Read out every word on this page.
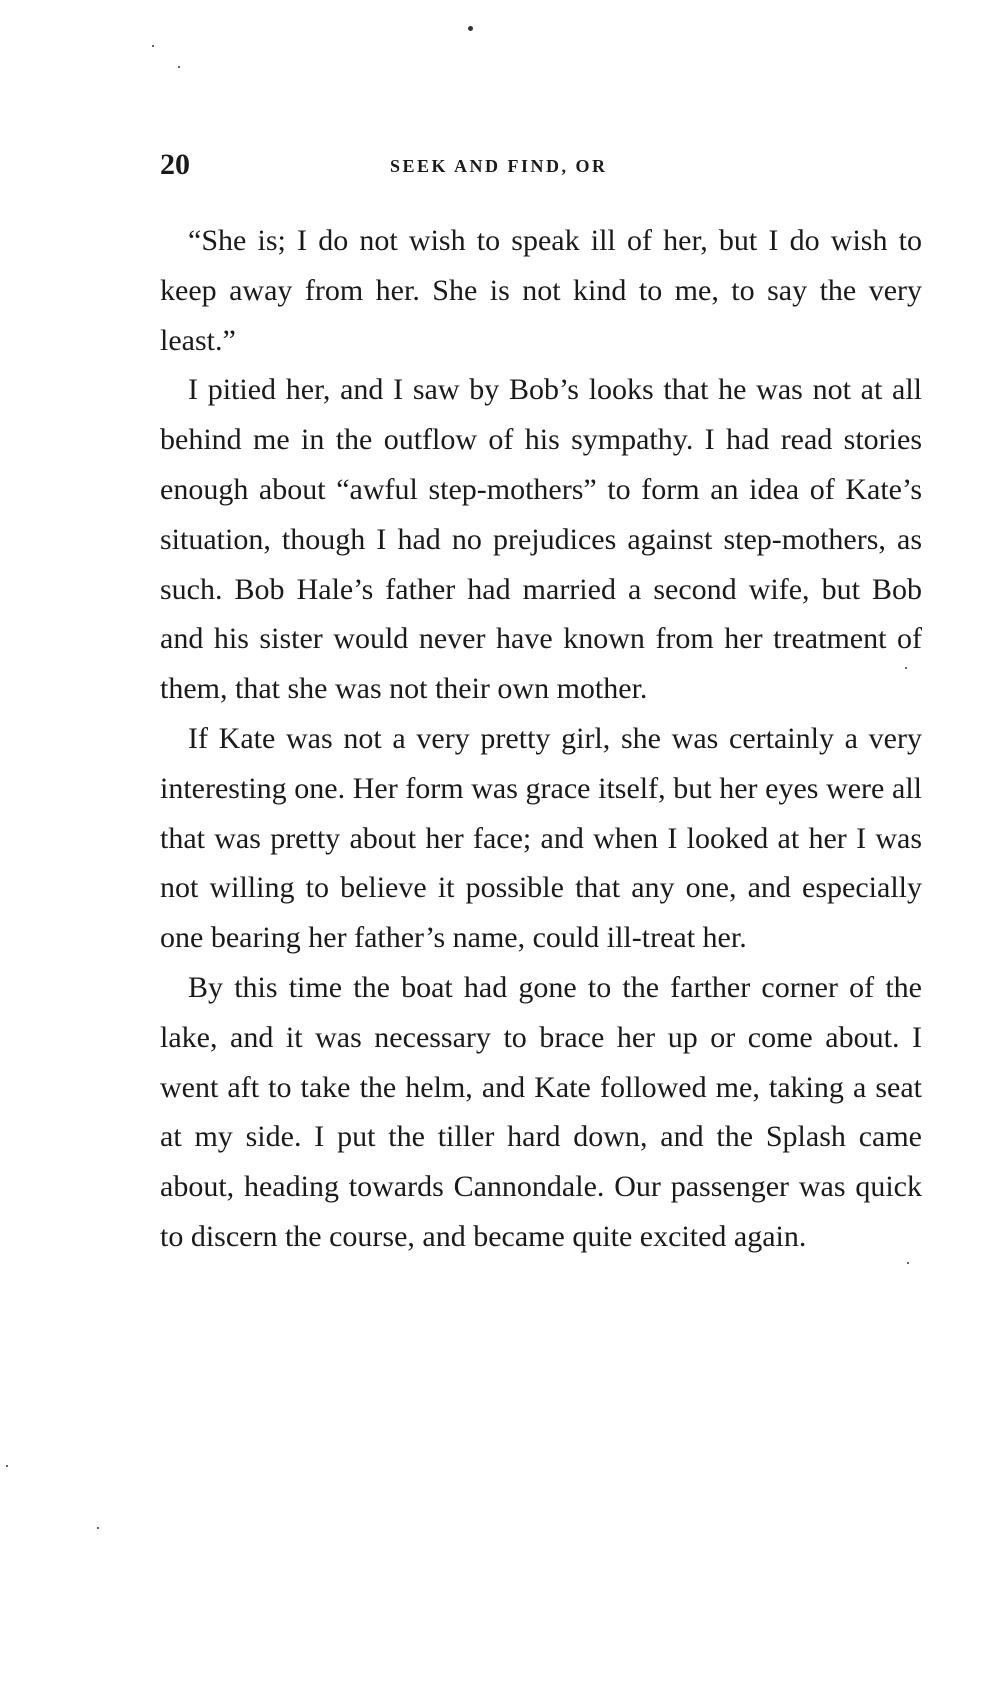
20	SEEK AND FIND, OR

“She is; I do not wish to speak ill of her, but I do wish to keep away from her. She is not kind to me, to say the very least.”

I pitied her, and I saw by Bob’s looks that he was not at all behind me in the outflow of his sympathy. I had read stories enough about “awful step-mothers” to form an idea of Kate’s situation, though I had no prejudices against step-mothers, as such. Bob Hale’s father had married a second wife, but Bob and his sister would never have known from her treatment of them, that she was not their own mother.

If Kate was not a very pretty girl, she was certainly a very interesting one. Her form was grace itself, but her eyes were all that was pretty about her face; and when I looked at her I was not willing to believe it possible that any one, and especially one bearing her father’s name, could ill-treat her.

By this time the boat had gone to the farther corner of the lake, and it was necessary to brace her up or come about. I went aft to take the helm, and Kate followed me, taking a seat at my side. I put the tiller hard down, and the Splash came about, heading towards Cannondale. Our passenger was quick to discern the course, and became quite excited again.
